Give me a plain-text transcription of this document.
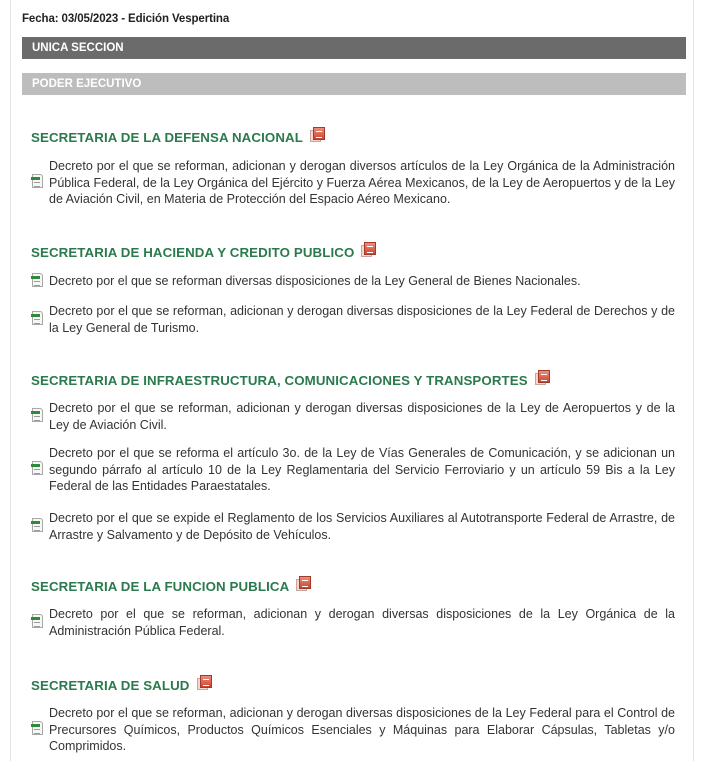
Fecha: 03/05/2023 - Edición Vespertina
UNICA SECCION
PODER EJECUTIVO
SECRETARIA DE LA DEFENSA NACIONAL
Decreto por el que se reforman, adicionan y derogan diversos artículos de la Ley Orgánica de la Administración Pública Federal, de la Ley Orgánica del Ejército y Fuerza Aérea Mexicanos, de la Ley de Aeropuertos y de la Ley de Aviación Civil, en Materia de Protección del Espacio Aéreo Mexicano.
SECRETARIA DE HACIENDA Y CREDITO PUBLICO
Decreto por el que se reforman diversas disposiciones de la Ley General de Bienes Nacionales.
Decreto por el que se reforman, adicionan y derogan diversas disposiciones de la Ley Federal de Derechos y de la Ley General de Turismo.
SECRETARIA DE INFRAESTRUCTURA, COMUNICACIONES Y TRANSPORTES
Decreto por el que se reforman, adicionan y derogan diversas disposiciones de la Ley de Aeropuertos y de la Ley de Aviación Civil.
Decreto por el que se reforma el artículo 3o. de la Ley de Vías Generales de Comunicación, y se adicionan un segundo párrafo al artículo 10 de la Ley Reglamentaria del Servicio Ferroviario y un artículo 59 Bis a la Ley Federal de las Entidades Paraestatales.
Decreto por el que se expide el Reglamento de los Servicios Auxiliares al Autotransporte Federal de Arrastre, de Arrastre y Salvamento y de Depósito de Vehículos.
SECRETARIA DE LA FUNCION PUBLICA
Decreto por el que se reforman, adicionan y derogan diversas disposiciones de la Ley Orgánica de la Administración Pública Federal.
SECRETARIA DE SALUD
Decreto por el que se reforman, adicionan y derogan diversas disposiciones de la Ley Federal para el Control de Precursores Químicos, Productos Químicos Esenciales y Máquinas para Elaborar Cápsulas, Tabletas y/o Comprimidos.
